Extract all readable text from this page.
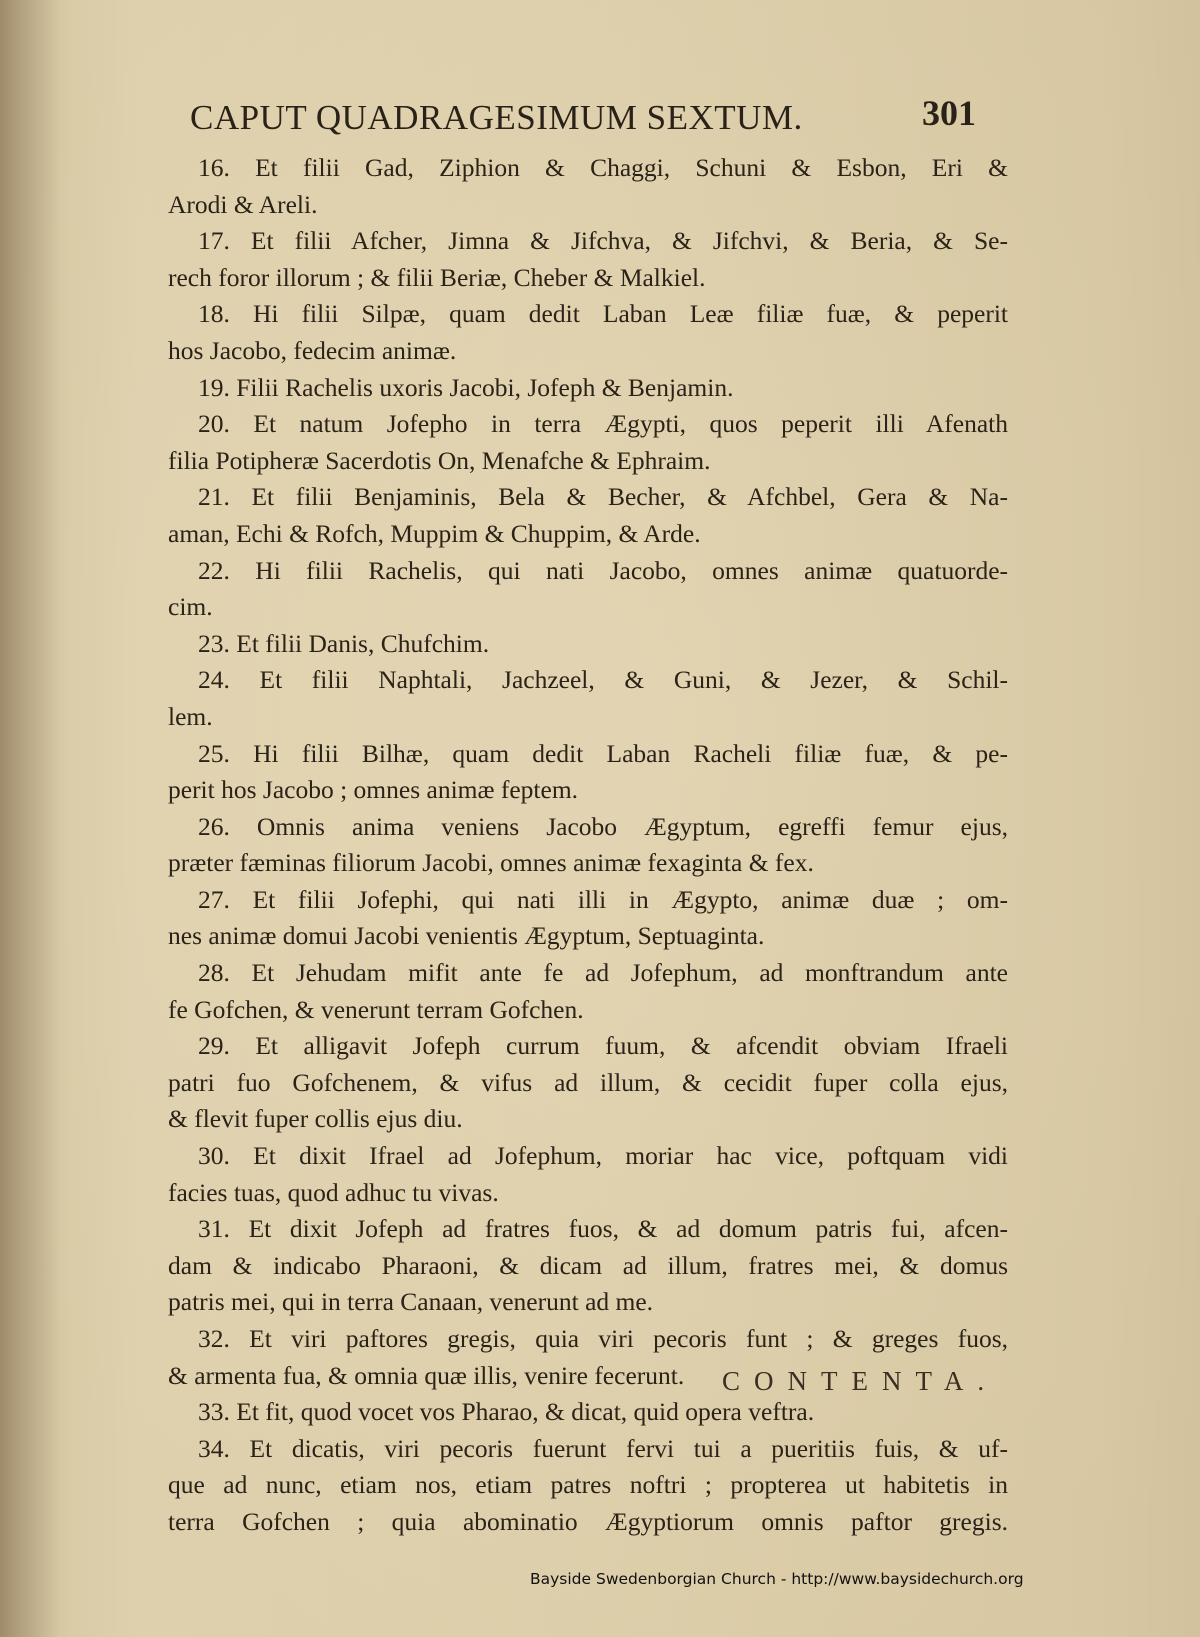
CAPUT QUADRAGESIMUM SEXTUM.	301
16. Et filii Gad, Ziphion & Chaggi, Schuni & Esbon, Eri &
Arodi & Areli.
17. Et filii Afcher, Jimna & Jifchva, & Jifchvi, & Beria, & Se-
rech foror illorum ; & filii Beriæ, Cheber & Malkiel.
18. Hi filii Silpæ, quam dedit Laban Leæ filiæ fuæ, & peperit
hos Jacobo, fedecim animæ.
19. Filii Rachelis uxoris Jacobi, Jofeph & Benjamin.
20. Et natum Jofepho in terra Ægypti, quos peperit illi Afenath
filia Potipheræ Sacerdotis On, Menafche & Ephraim.
21. Et filii Benjaminis, Bela & Becher, & Afchbel, Gera & Na-
aman, Echi & Rofch, Muppim & Chuppim, & Arde.
22. Hi filii Rachelis, qui nati Jacobo, omnes animæ quatuorde-
cim.
23. Et filii Danis, Chufchim.
24. Et filii Naphtali, Jachzeel, & Guni, & Jezer, & Schil-
lem.
25. Hi filii Bilhæ, quam dedit Laban Racheli filiæ fuæ, & pe-
perit hos Jacobo ; omnes animæ feptem.
26. Omnis anima veniens Jacobo Ægyptum, egreffi femur ejus,
præter fæminas filiorum Jacobi, omnes animæ fexaginta & fex.
27. Et filii Jofephi, qui nati illi in Ægypto, animæ duæ ; om-
nes animæ domui Jacobi venientis Ægyptum, Septuaginta.
28. Et Jehudam mifit ante fe ad Jofephum, ad monftrandum ante
fe Gofchen, & venerunt terram Gofchen.
29. Et alligavit Jofeph currum fuum, & afcendit obviam Ifraeli
patri fuo Gofchenem, & vifus ad illum, & cecidit fuper colla ejus,
& flevit fuper collis ejus diu.
30. Et dixit Ifrael ad Jofephum, moriar hac vice, poftquam vidi
facies tuas, quod adhuc tu vivas.
31. Et dixit Jofeph ad fratres fuos, & ad domum patris fui, afcen-
dam & indicabo Pharaoni, & dicam ad illum, fratres mei, & domus
patris mei, qui in terra Canaan, venerunt ad me.
32. Et viri paftores gregis, quia viri pecoris funt ; & greges fuos,
& armenta fua, & omnia quæ illis, venire fecerunt.
33. Et fit, quod vocet vos Pharao, & dicat, quid opera veftra.
34. Et dicatis, viri pecoris fuerunt fervi tui a pueritiis fuis, & uf-
que ad nunc, etiam nos, etiam patres noftri ; propterea ut habitetis in
terra Gofchen ; quia abominatio Ægyptiorum omnis paftor gregis.
CONTENTA.
Bayside Swedenborgian Church - http://www.baysidechurch.org
